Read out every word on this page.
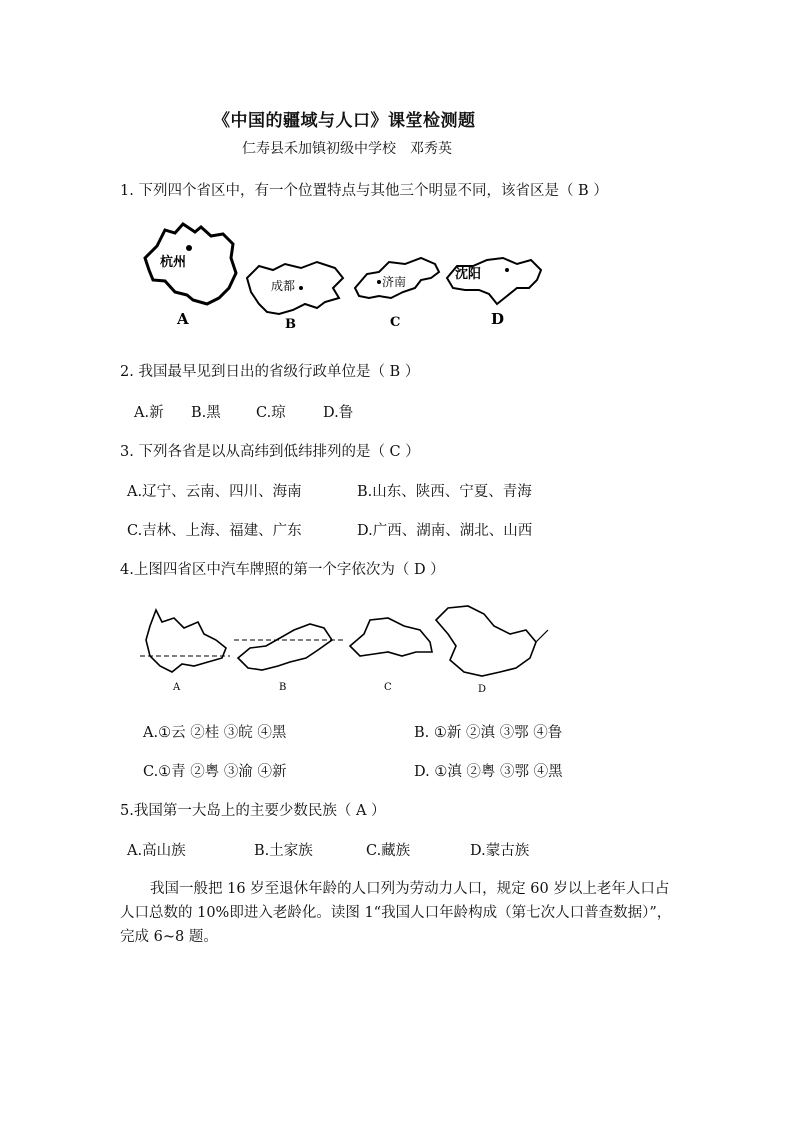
《中国的疆域与人口》课堂检测题
仁寿县禾加镇初级中学校　邓秀英
1. 下列四个省区中，有一个位置特点与其他三个明显不同，该省区是（ B ）
杭州
A
成都
B
济南
C
沈阳
D
2. 我国最早见到日出的省级行政单位是（ B ）
A.新 B.黑 C.琼	D.鲁
3. 下列各省是以从高纬到低纬排列的是（ C ）
A.辽宁、云南、四川、海南	B.山东、陕西、宁夏、青海
C.吉林、上海、福建、广东	D.广西、湖南、湖北、山西
4.上图四省区中汽车牌照的第一个字依次为（ D ）
A	B	C	D
A.①云 ②桂 ③皖 ④黑	B. ①新 ②滇 ③鄂 ④鲁
C.①青 ②粤 ③渝 ④新	D. ①滇 ②粤 ③鄂 ④黑
5.我国第一大岛上的主要少数民族（ A ）
A.高山族	B.土家族	C.藏族	D.蒙古族
我国一般把 16 岁至退休年龄的人口列为劳动力人口，规定 60 岁以上老年人口占人口总数的 10%即进入老龄化。读图 1“我国人口年龄构成（第七次人口普查数据）”，完成 6~8 题。
